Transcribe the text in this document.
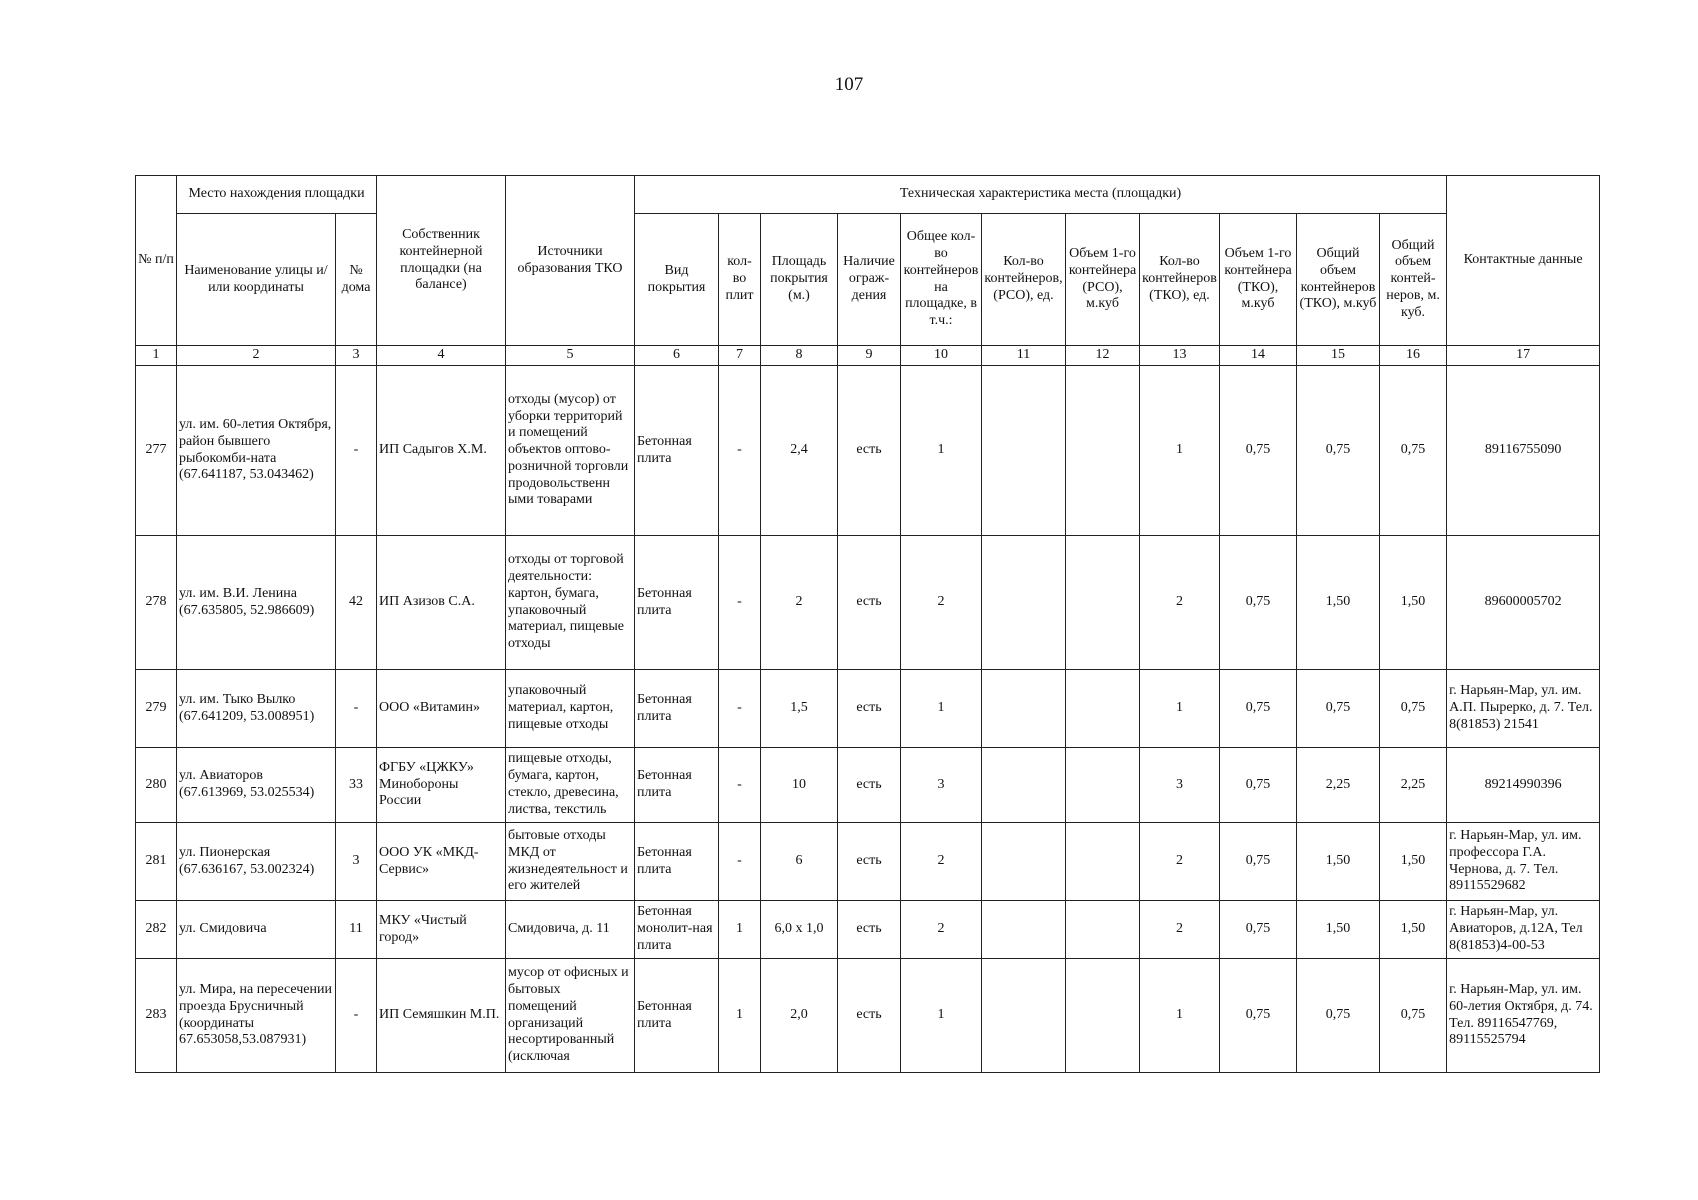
107
№ п/п	Место нахождения площадки		Собственник контейнерной площадки (на балансе)	Источники образования ТКО	Техническая характеристика места (площадки)											Контактные данные
	Наименование улицы и/или координаты	№ дома			Вид покрытия	кол-во плит	Площадь покрытия (м.)	Наличие ограж-дения	Общее кол-во контейнеров на площадке, в т.ч.:	Кол-во контейнеров, (РСО), ед.	Объем 1-го контейнера (РСО), м.куб	Кол-во контейнеров (ТКО), ед.	Объем 1-го контейнера (ТКО), м.куб	Общий объем контейнеров (ТКО), м.куб	Общий объем контей-неров, м. куб.	
1	2	3	4	5	6	7	8	9	10	11	12	13	14	15	16	17
277	ул. им. 60-летия Октября, район бывшего рыбокомби-ната (67.641187, 53.043462)	-	ИП Садыгов Х.М.	отходы (мусор) от уборки территорий и помещений объектов оптово-розничной торговли продовольственн ыми товарами	Бетонная плита	-	2,4	есть	1			1	0,75	0,75	0,75	89116755090
278	ул. им. В.И. Ленина (67.635805, 52.986609)	42	ИП Азизов С.А.	отходы от торговой деятельности: картон, бумага, упаковочный материал, пищевые отходы	Бетонная плита	-	2	есть	2			2	0,75	1,50	1,50	89600005702
279	ул. им. Тыко Вылко (67.641209, 53.008951)	-	ООО «Витамин»	упаковочный материал, картон, пищевые отходы	Бетонная плита	-	1,5	есть	1			1	0,75	0,75	0,75	г. Нарьян-Мар, ул. им. А.П. Пырерко, д. 7. Тел. 8(81853) 21541
280	ул. Авиаторов (67.613969, 53.025534)	33	ФГБУ «ЦЖКУ» Минобороны России	пищевые отходы, бумага, картон, стекло, древесина, листва, текстиль	Бетонная плита	-	10	есть	3			3	0,75	2,25	2,25	89214990396
281	ул. Пионерская (67.636167, 53.002324)	3	ООО УК «МКД-Сервис»	бытовые отходы МКД от жизнедеятельност и его жителей	Бетонная плита	-	6	есть	2			2	0,75	1,50	1,50	г. Нарьян-Мар, ул. им. профессора Г.А. Чернова, д. 7. Тел. 89115529682
282	ул. Смидовича	11	МКУ «Чистый город»	Смидовича, д. 11	Бетонная монолит-ная плита	1	6,0 х 1,0	есть	2			2	0,75	1,50	1,50	г. Нарьян-Мар, ул. Авиаторов, д.12А, Тел 8(81853)4-00-53
283	ул. Мира, на пересечении проезда Брусничный (координаты 67.653058,53.087931)	-	ИП Семяшкин М.П.	мусор от офисных и бытовых помещений организаций несортированный (исключая	Бетонная плита	1	2,0	есть	1			1	0,75	0,75	0,75	г. Нарьян-Мар, ул. им. 60-летия Октября, д. 74. Тел. 89116547769, 89115525794
